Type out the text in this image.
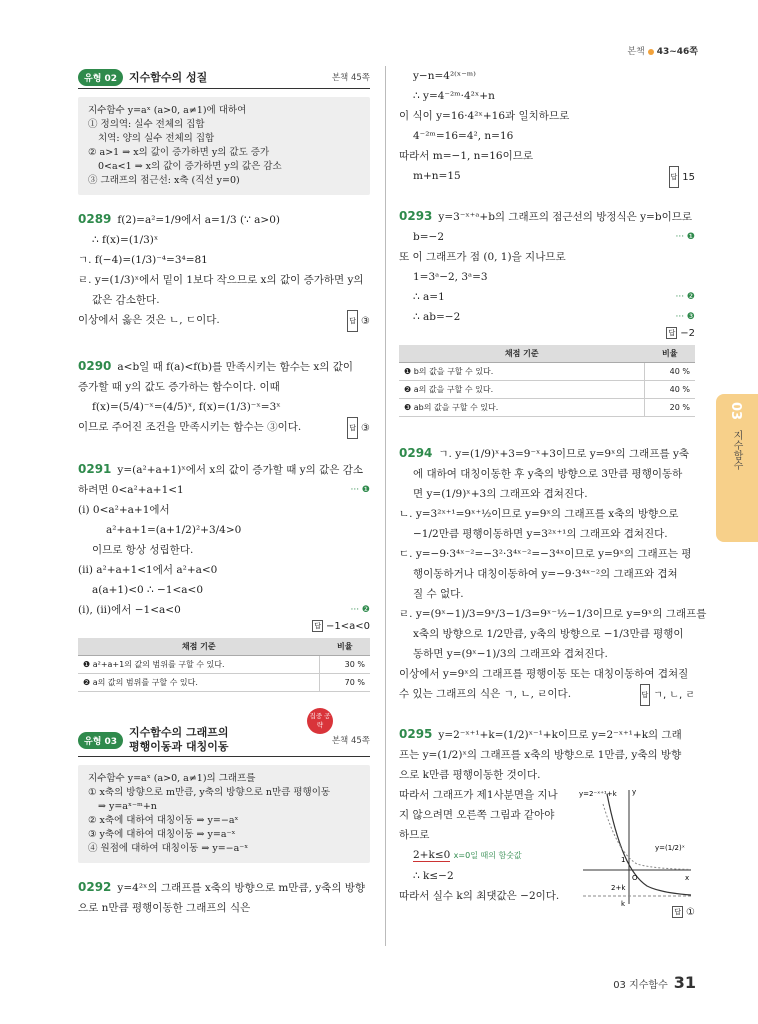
본책 43~46쪽
유형 02	지수함수의 성질	본책 45쪽
지수함수 y=aˣ (a>0, a≠1)에 대하여
① 정의역: 실수 전체의 집합
치역: 양의 실수 전체의 집합
② a>1 ⇒ x의 값이 증가하면 y의 값도 증가
0<a<1 ⇒ x의 값이 증가하면 y의 값은 감소
③ 그래프의 점근선: x축 (직선 y=0)
0289 f(2)=a²=1/9에서 a=1/3 (∵ a>0)
∴ f(x)=(1/3)ˣ
ㄱ. f(−4)=(1/3)⁻⁴=3⁴=81
ㄹ. y=(1/3)ˣ에서 밑이 1보다 작으므로 x의 값이 증가하면 y의
값은 감소한다.
이상에서 옳은 것은 ㄴ, ㄷ이다.	답 ③
0290 a<b일 때 f(a)<f(b)를 만족시키는 함수는 x의 값이
증가할 때 y의 값도 증가하는 함수이다. 이때
f(x)=(5/4)⁻ˣ=(4/5)ˣ, f(x)=(1/3)⁻ˣ=3ˣ
이므로 주어진 조건을 만족시키는 함수는 ③이다.	답 ③
0291 y=(a²+a+1)ˣ에서 x의 값이 증가할 때 y의 값은 감소
하려면 0<a²+a+1<1	··· ❶
(i) 0<a²+a+1에서
a²+a+1=(a+1/2)²+3/4>0
이므로 항상 성립한다.
(ii) a²+a+1<1에서 a²+a<0
a(a+1)<0 ∴ −1<a<0
(i), (ii)에서 −1<a<0	··· ❷
답 −1<a<0
채점 기준	비율
❶ a²+a+1의 값의 범위를 구할 수 있다.	30 %
❷ a의 값의 범위를 구할 수 있다.	70 %
집중 공략
유형 03
지수함수의 그래프의
평행이동과 대칭이동	본책 45쪽
지수함수 y=aˣ (a>0, a≠1)의 그래프를
① x축의 방향으로 m만큼, y축의 방향으로 n만큼 평행이동
⇒ y=aˣ⁻ᵐ+n
② x축에 대하여 대칭이동 ⇒ y=−aˣ
③ y축에 대하여 대칭이동 ⇒ y=a⁻ˣ
④ 원점에 대하여 대칭이동 ⇒ y=−a⁻ˣ
0292 y=4²ˣ의 그래프를 x축의 방향으로 m만큼, y축의 방향
으로 n만큼 평행이동한 그래프의 식은
y−n=4²⁽ˣ⁻ᵐ⁾
∴ y=4⁻²ᵐ·4²ˣ+n
이 식이 y=16·4²ˣ+16과 일치하므로
4⁻²ᵐ=16=4², n=16
따라서 m=−1, n=16이므로
m+n=15	답 15
0293 y=3⁻ˣ⁺ᵃ+b의 그래프의 점근선의 방정식은 y=b이므로
b=−2	··· ❶
또 이 그래프가 점 (0, 1)을 지나므로
1=3ᵃ−2, 3ᵃ=3
∴ a=1	··· ❷
∴ ab=−2	··· ❸
답 −2
채점 기준	비율
❶ b의 값을 구할 수 있다.	40 %
❷ a의 값을 구할 수 있다.	40 %
❸ ab의 값을 구할 수 있다.	20 %
0294 ㄱ. y=(1/9)ˣ+3=9⁻ˣ+3이므로 y=9ˣ의 그래프를 y축
에 대하여 대칭이동한 후 y축의 방향으로 3만큼 평행이동하
면 y=(1/9)ˣ+3의 그래프와 겹쳐진다.
ㄴ. y=3²ˣ⁺¹=9ˣ⁺½이므로 y=9ˣ의 그래프를 x축의 방향으로
−1/2만큼 평행이동하면 y=3²ˣ⁺¹의 그래프와 겹쳐진다.
ㄷ. y=−9·3⁴ˣ⁻²=−3²·3⁴ˣ⁻²=−3⁴ˣ이므로 y=9ˣ의 그래프는 평
행이동하거나 대칭이동하여 y=−9·3⁴ˣ⁻²의 그래프와 겹쳐
질 수 없다.
ㄹ. y=(9ˣ−1)/3=9ˣ/3−1/3=9ˣ⁻½−1/3이므로 y=9ˣ의 그래프를
x축의 방향으로 1/2만큼, y축의 방향으로 −1/3만큼 평행이
동하면 y=(9ˣ−1)/3의 그래프와 겹쳐진다.
이상에서 y=9ˣ의 그래프를 평행이동 또는 대칭이동하여 겹쳐질
수 있는 그래프의 식은 ㄱ, ㄴ, ㄹ이다.	답 ㄱ, ㄴ, ㄹ
0295 y=2⁻ˣ⁺¹+k=(1/2)ˣ⁻¹+k이므로 y=2⁻ˣ⁺¹+k의 그래
프는 y=(1/2)ˣ의 그래프를 x축의 방향으로 1만큼, y축의 방향
으로 k만큼 평행이동한 것이다.
따라서 그래프가 제1사분면을 지나
지 않으려면 오른쪽 그림과 같아야
하므로
2+k≤0 x=0일 때의 함숫값
∴ k≤−2
따라서 실수 k의 최댓값은 −2이다.
답 ①
y=2⁻ˣ⁺¹+k
y=(1/2)ˣ
y
x
O
1
2+k
k
03
지수함수
03 지수함수 31
